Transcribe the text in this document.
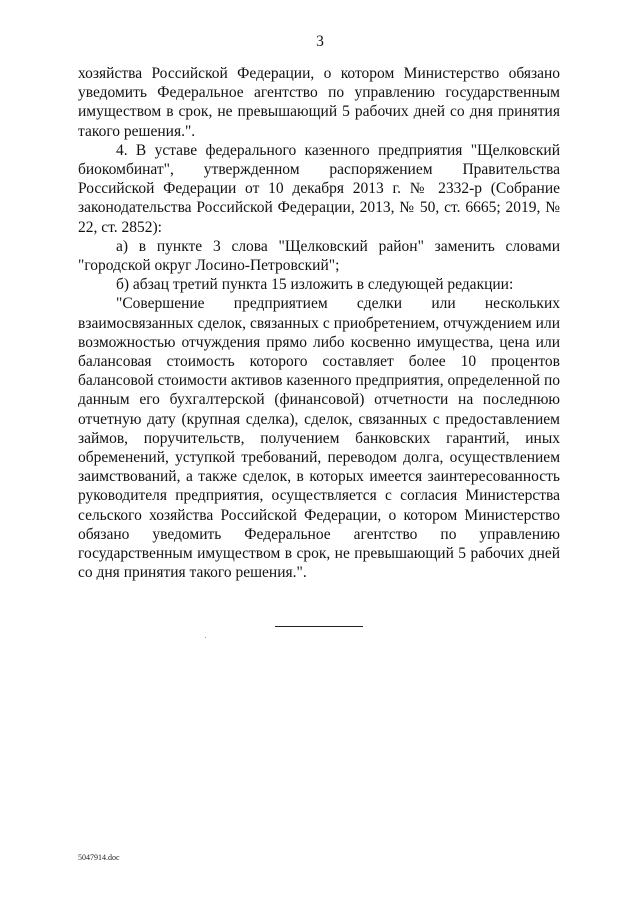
3

хозяйства Российской Федерации, о котором Министерство обязано уведомить Федеральное агентство по управлению государственным имуществом в срок, не превышающий 5 рабочих дней со дня принятия такого решения.".

4. В уставе федерального казенного предприятия "Щелковский биокомбинат", утвержденном распоряжением Правительства Российской Федерации от 10 декабря 2013 г. № 2332-р (Собрание законодательства Российской Федерации, 2013, № 50, ст. 6665; 2019, № 22, ст. 2852):

а) в пункте 3 слова "Щелковский район" заменить словами "городской округ Лосино-Петровский";

б) абзац третий пункта 15 изложить в следующей редакции:

"Совершение предприятием сделки или нескольких взаимосвязанных сделок, связанных с приобретением, отчуждением или возможностью отчуждения прямо либо косвенно имущества, цена или балансовая стоимость которого составляет более 10 процентов балансовой стоимости активов казенного предприятия, определенной по данным его бухгалтерской (финансовой) отчетности на последнюю отчетную дату (крупная сделка), сделок, связанных с предоставлением займов, поручительств, получением банковских гарантий, иных обременений, уступкой требований, переводом долга, осуществлением заимствований, а также сделок, в которых имеется заинтересованность руководителя предприятия, осуществляется с согласия Министерства сельского хозяйства Российской Федерации, о котором Министерство обязано уведомить Федеральное агентство по управлению государственным имуществом в срок, не превышающий 5 рабочих дней со дня принятия такого решения.".

5047914.doc
